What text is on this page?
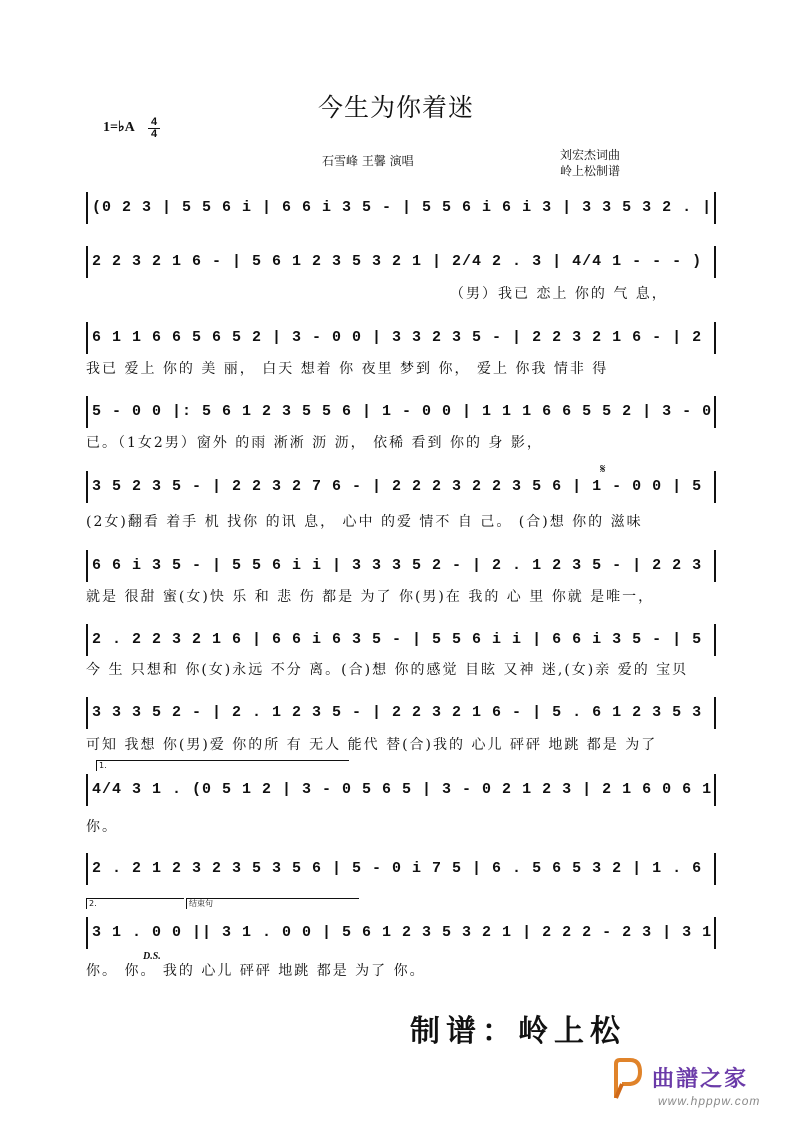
今生为你着迷
1=♭A 4
4
石雪峰 王馨 演唱	刘宏杰词曲
岭上松制谱
(0 2 3 | 5 5 6 i | 6 6 i 3 5 - | 5 5 6 i 6 i 3 | 3 3 5 3 2 . |
2 2 3 2 1 6 - | 5 6 1 2 3 5 3 2 1 | 2/4 2 . 3 | 4/4 1 - - - )
（男）我已 恋上 你的 气 息，
6 1 1 6 6 5 6 5 2 | 3 - 0 0 | 3 3 2 3 5 - | 2 2 3 2 1 6 - | 2
我已 爱上 你的 美 丽， 白天 想着 你 夜里 梦到 你， 爱上 你我 情非 得
5 - 0 0 |: 5 6 1 2 3 5 5 6 | 1 - 0 0 | 1 1 1 6 6 5 5 2 | 3 - 0
已。（1女2男）窗外 的雨 淅淅 沥 沥， 依稀 看到 你的 身 影，
𝄋
3 5 2 3 5 - | 2 2 3 2 7 6 - | 2 2 2 3 2 2 3 5 6 | 1 - 0 0 | 5
(2女)翻看 着手 机 找你 的讯 息， 心中 的爱 情不 自 己。 (合)想 你的 滋味
6 6 i 3 5 - | 5 5 6 i i | 3 3 3 5 2 - | 2 . 1 2 3 5 - | 2 2 3
就是 很甜 蜜(女)快 乐 和 悲 伤 都是 为了 你(男)在 我的 心 里 你就 是唯一，
2 . 2 2 3 2 1 6 | 6 6 i 6 3 5 - | 5 5 6 i i | 6 6 i 3 5 - | 5
今 生 只想和 你(女)永远 不分 离。(合)想 你的感觉 目眩 又神 迷,(女)亲 爱的 宝贝
3 3 3 5 2 - | 2 . 1 2 3 5 - | 2 2 3 2 1 6 - | 5 . 6 1 2 3 5 3
可知 我想 你(男)爱 你的所 有 无人 能代 替(合)我的 心儿 砰砰 地跳 都是 为了
1.
4/4 3 1 . (0 5 1 2 | 3 - 0 5 6 5 | 3 - 0 2 1 2 3 | 2 1 6 0 6 1
你。
2 . 2 1 2 3 2 3 5 3 5 6 | 5 - 0 i 7 5 | 6 . 5 6 5 3 2 | 1 . 6
2.	结束句
3 1 . 0 0 || 3 1 . 0 0 | 5 6 1 2 3 5 3 2 1 | 2 2 2 - 2 3 | 3 1
D.S.
你。 你。 我的 心儿 砰砰 地跳 都是 为了 你。
制谱：岭上松
曲譜之家
www.hpppw.com
